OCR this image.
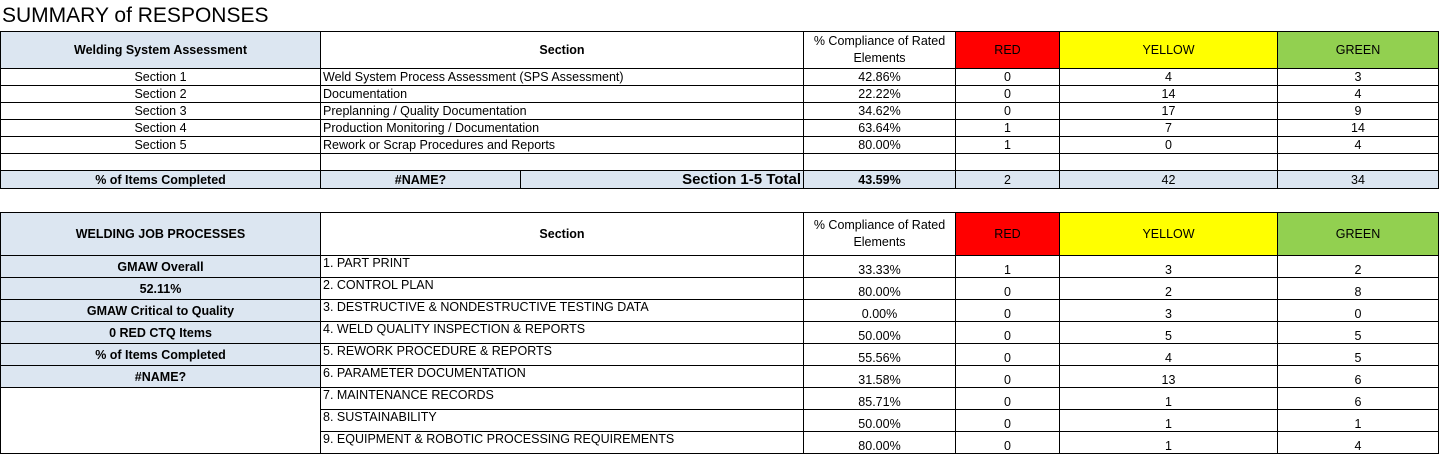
SUMMARY of RESPONSES
Welding System Assessment	Section		% Compliance of Rated Elements	RED	YELLOW	GREEN
Section 1	Weld System Process Assessment (SPS Assessment)		42.86%	0	4	3
Section 2	Documentation		22.22%	0	14	4
Section 3	Preplanning / Quality Documentation		34.62%	0	17	9
Section 4	Production Monitoring / Documentation		63.64%	1	7	14
Section 5	Rework or Scrap Procedures and Reports		80.00%	1	0	4

% of Items Completed	#NAME?	Section 1-5 Total	43.59%	2	42	34
WELDING JOB PROCESSES	Section	% Compliance of Rated Elements	RED	YELLOW	GREEN
GMAW Overall	1. PART PRINT	33.33%	1	3	2
52.11%	2. CONTROL PLAN	80.00%	0	2	8
GMAW Critical to Quality	3. DESTRUCTIVE & NONDESTRUCTIVE TESTING DATA	0.00%	0	3	0
0 RED CTQ Items	4. WELD QUALITY INSPECTION & REPORTS	50.00%	0	5	5
% of Items Completed	5. REWORK PROCEDURE & REPORTS	55.56%	0	4	5
#NAME?	6. PARAMETER DOCUMENTATION	31.58%	0	13	6
	7. MAINTENANCE RECORDS	85.71%	0	1	6
	8. SUSTAINABILITY	50.00%	0	1	1
	9. EQUIPMENT & ROBOTIC PROCESSING REQUIREMENTS	80.00%	0	1	4
